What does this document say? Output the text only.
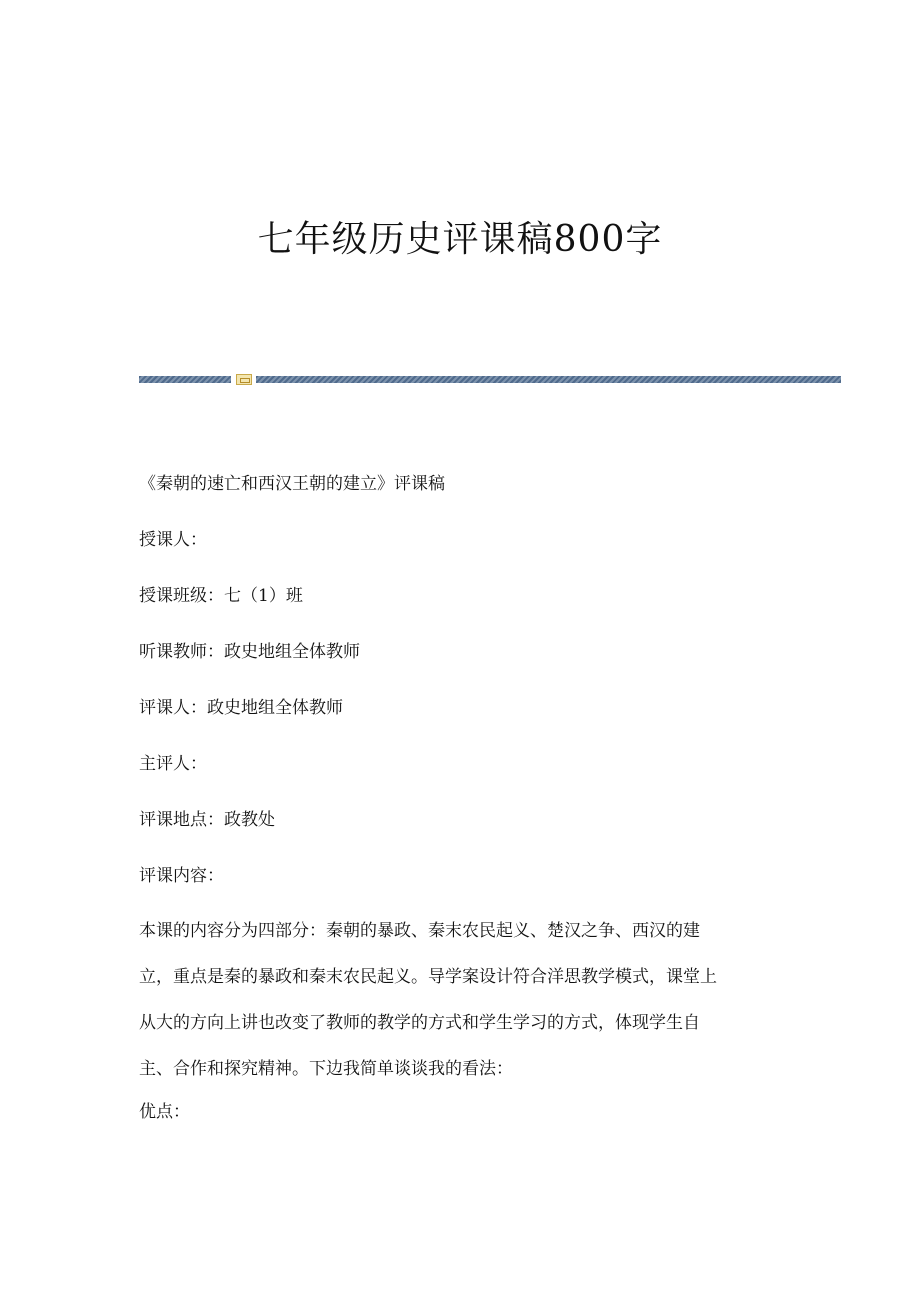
七年级历史评课稿800字
《秦朝的速亡和西汉王朝的建立》评课稿
授课人：
授课班级：七（1）班
听课教师：政史地组全体教师
评课人：政史地组全体教师
主评人：
评课地点：政教处
评课内容：
本课的内容分为四部分：秦朝的暴政、秦末农民起义、楚汉之争、西汉的建
立，重点是秦的暴政和秦末农民起义。导学案设计符合洋思教学模式，课堂上
从大的方向上讲也改变了教师的教学的方式和学生学习的方式，体现学生自
主、合作和探究精神。下边我简单谈谈我的看法：
优点：
